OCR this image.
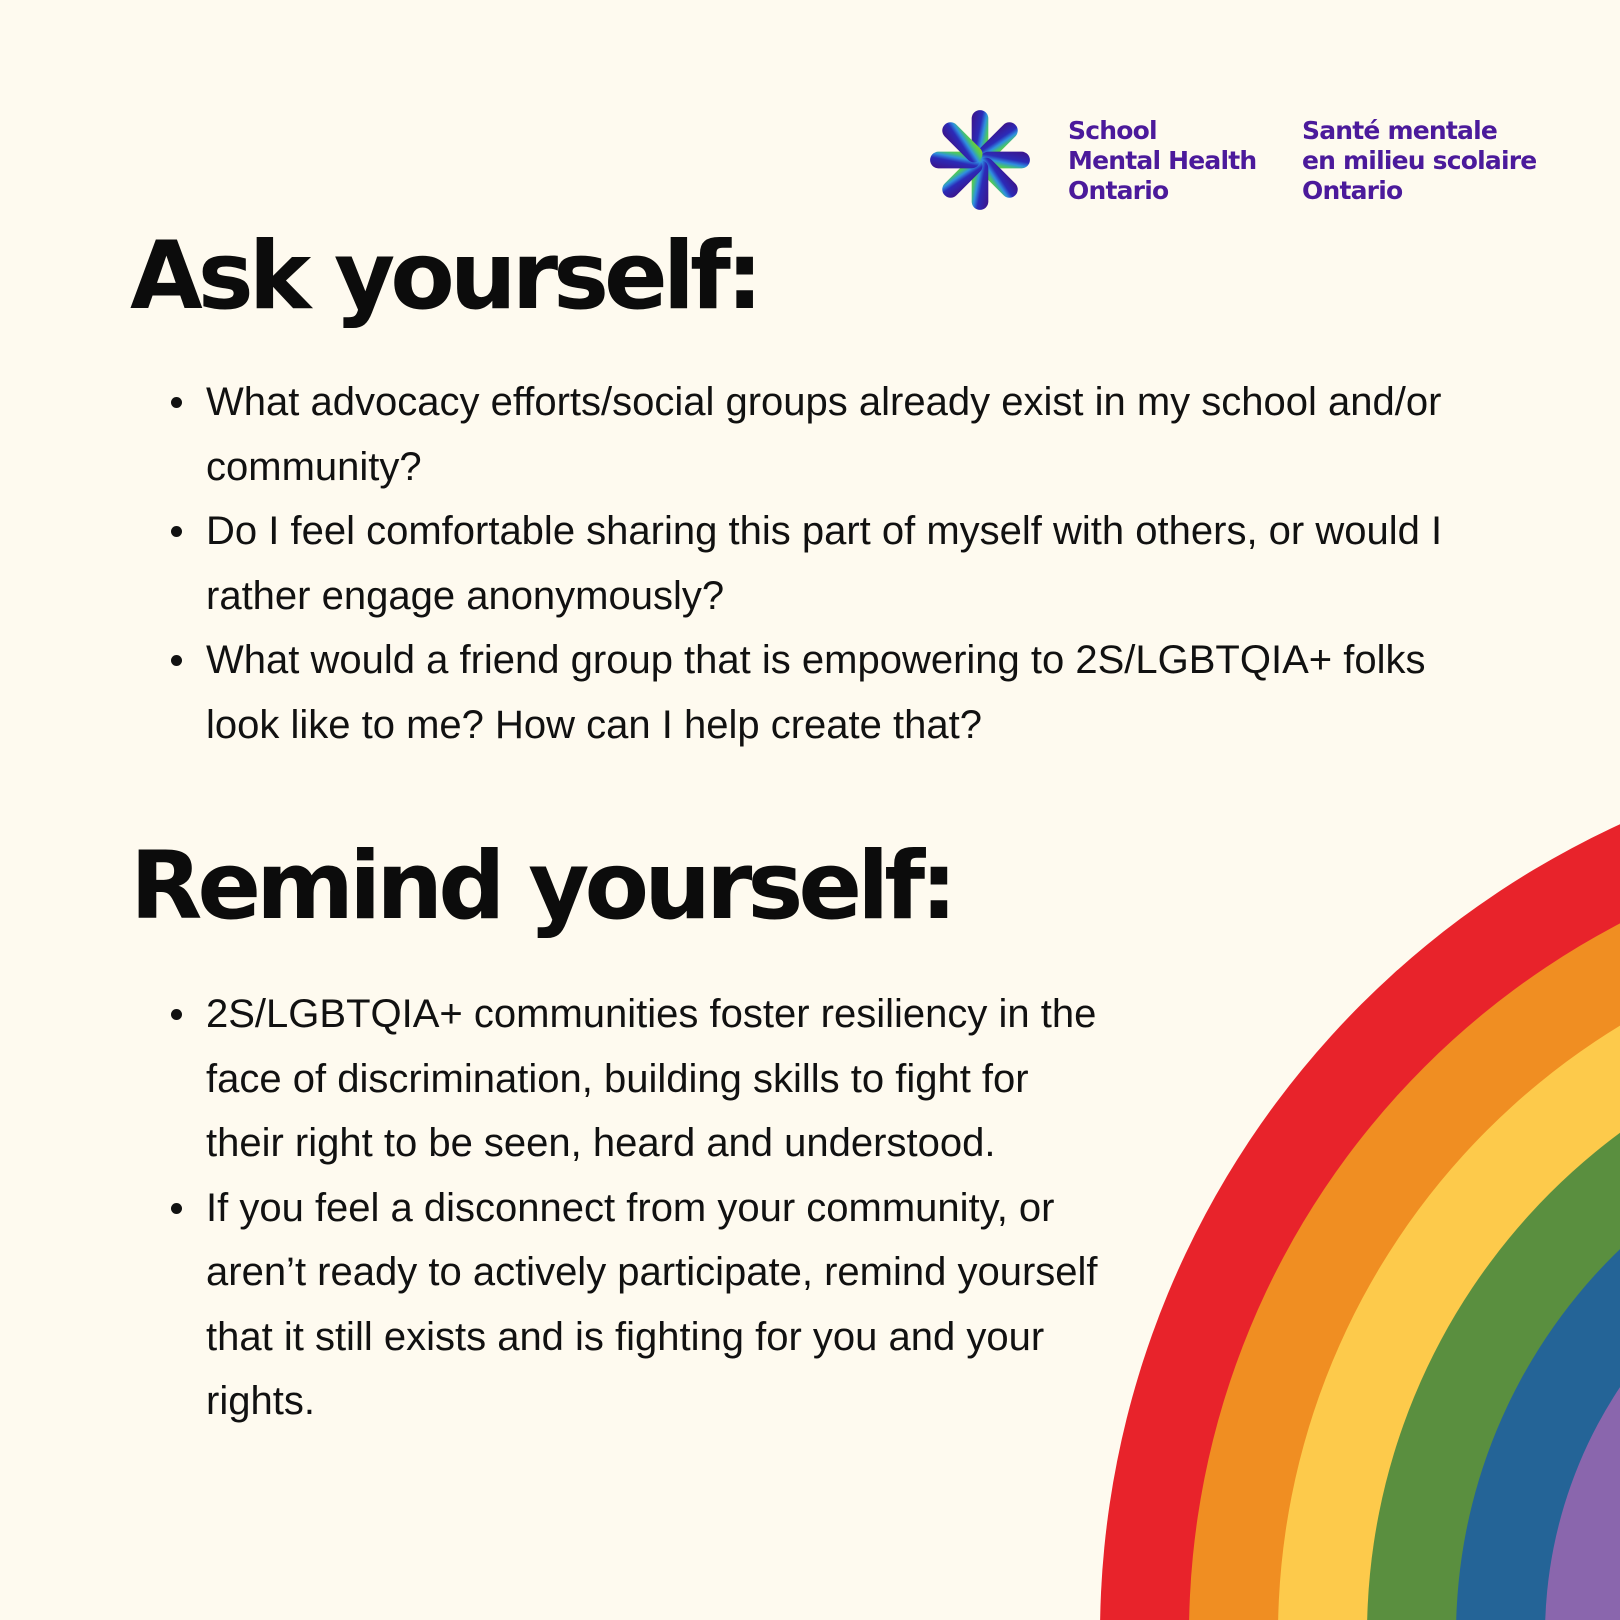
School
Mental Health
Ontario
Santé mentale
en milieu scolaire
Ontario
Ask yourself:
What advocacy efforts/social groups already exist in my school and/or community?
Do I feel comfortable sharing this part of myself with others, or would I rather engage anonymously?
What would a friend group that is empowering to 2S/LGBTQIA+ folks look like to me? How can I help create that?
Remind yourself:
2S/LGBTQIA+ communities foster resiliency in the face of discrimination, building skills to fight for their right to be seen, heard and understood.
If you feel a disconnect from your community, or aren’t ready to actively participate, remind yourself that it still exists and is fighting for you and your rights.
